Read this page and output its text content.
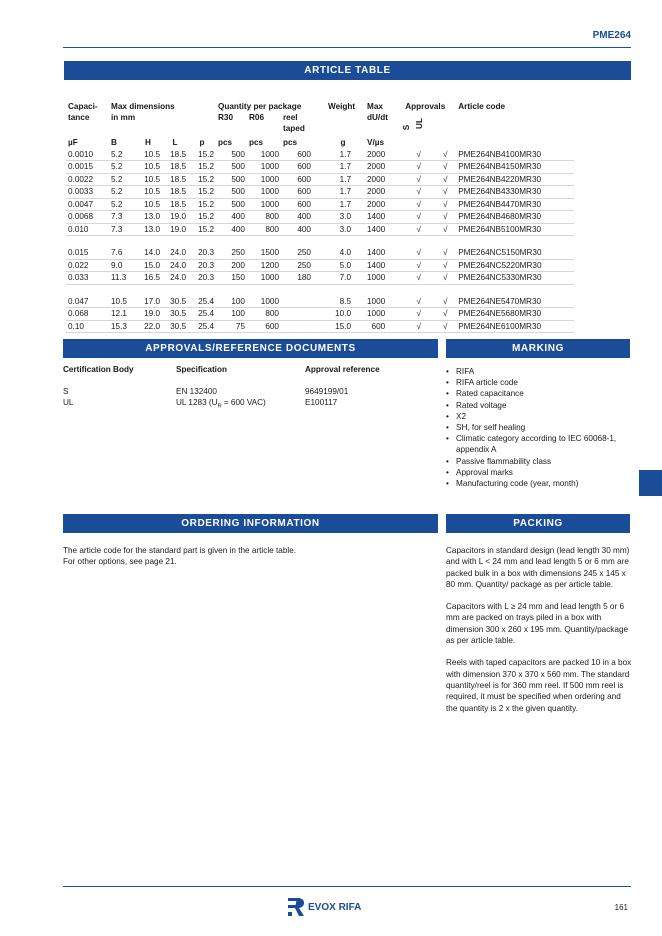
PME264
ARTICLE TABLE
Capaci-
tance	Max dimensions
in mm				Quantity per package
R30 R06 reel
taped			Weight	Max
dU/dt	Approvals

S UL		Article code
µF	B	H	L	p	pcs	pcs	pcs	g	V/µs			
0.0010	5.2	10.5	18.5	15.2	500	1000	600	1.7	2000	√	√	PME264NB4100MR30
0.0015	5.2	10.5	18.5	15.2	500	1000	600	1.7	2000	√	√	PME264NB4150MR30
0.0022	5.2	10.5	18.5	15.2	500	1000	600	1.7	2000	√	√	PME264NB4220MR30
0.0033	5.2	10.5	18.5	15.2	500	1000	600	1.7	2000	√	√	PME264NB4330MR30
0.0047	5.2	10.5	18.5	15.2	500	1000	600	1.7	2000	√	√	PME264NB4470MR30
0.0068	7.3	13.0	19.0	15.2	400	800	400	3.0	1400	√	√	PME264NB4680MR30
0.010	7.3	13.0	19.0	15.2	400	800	400	3.0	1400	√	√	PME264NB5100MR30

0.015	7.6	14.0	24.0	20.3	250	1500	250	4.0	1400	√	√	PME264NC5150MR30
0.022	9.0	15.0	24.0	20.3	200	1200	250	5.0	1400	√	√	PME264NC5220MR30
0.033	11.3	16.5	24.0	20.3	150	1000	180	7.0	1000	√	√	PME264NC5330MR30

0.047	10.5	17.0	30.5	25.4	100	1000		8.5	1000	√	√	PME264NE5470MR30
0.068	12.1	19.0	30.5	25.4	100	800		10.0	1000	√	√	PME264NE5680MR30
0.10	15.3	22.0	30.5	25.4	75	600		15.0	600	√	√	PME264NE6100MR30
APPROVALS/REFERENCE DOCUMENTS
Certification Body	Specification	Approval reference
S	EN 132400	9649199/01
UL	UL 1283 ($U_R = 600$ VAC)	E100117
MARKING
• RIFA
• RIFA article code
• Rated capacitance
• Rated voltage
• X2
• SH, for self healing
• Climatic category according to IEC 60068-1, appendix A
• Passive flammability class
• Approval marks
• Manufacturing code (year, month)
ORDERING INFORMATION
The article code for the standard part is given in the article table.
For other options, see page 21.
PACKING

Capacitors in standard design (lead length 30 mm) and with L < 24 mm and lead length 5 or 6 mm are packed bulk in a box with dimensions 245 x 145 x 80 mm. Quantity/ package as per article table.

Capacitors with L ≥ 24 mm and lead length 5 or 6 mm are packed on trays piled in a box with dimension 300 x 260 x 195 mm. Quantity/package as per article table.

Reels with taped capacitors are packed 10 in a box with dimension 370 x 370 x 560 mm. The standard quantity/reel is for 360 mm reel. If 500 mm reel is required, it must be specified when ordering and the quantity is 2 x the given quantity.

EVOX RIFA	161
